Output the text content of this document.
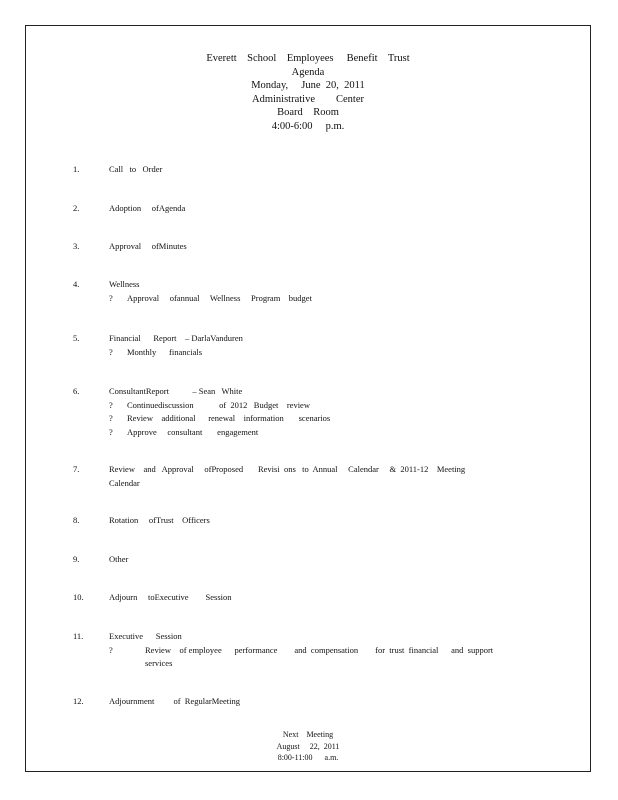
Everett    School    Employees     Benefit    Trust
Agenda
Monday,     June  20,  2011
Administrative        Center
Board    Room
4:00-6:00     p.m.
1.	Call   to   Order
2.	Adoption     ofAgenda
3.	Approval     ofMinutes
4.	Wellness
? Approval     ofannual     Wellness     Program    budget
5.	Financial      Report    – DarlaVanduren
? Monthly      financials
6.	ConsultantReport           – Sean   White
? Continuediscussion            of  2012   Budget    review
? Review    additional      renewal    information       scenarios
? Approve     consultant       engagement
7.	Review    and   Approval     ofProposed       Revisi  ons   to  Annual     Calendar     &  2011-12    Meeting
Calendar
8.	Rotation     ofTrust    Officers
9.	Other
10.	Adjourn     toExecutive        Session
11.	Executive      Session
?	Review    of employee      performance        and  compensation        for  trust  financial      and  support
services
12.	Adjournment         of  RegularMeeting
Next    Meeting
August     22,  2011
8:00-11:00      a.m.
